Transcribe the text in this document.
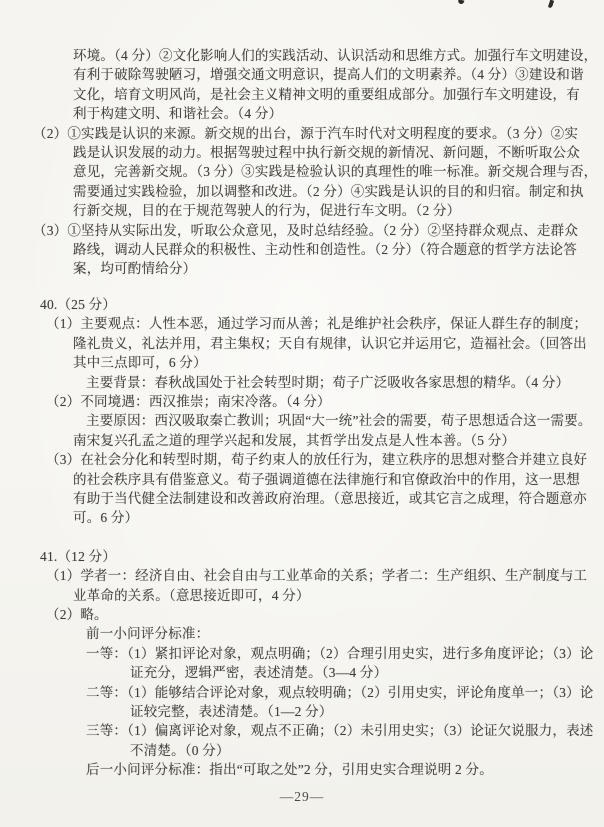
环境。（4 分）②文化影响人们的实践活动、认识活动和思维方式。加强行车文明建设，
有利于破除驾驶陋习，增强交通文明意识，提高人们的文明素养。（4 分）③建设和谐
文化，培育文明风尚，是社会主义精神文明的重要组成部分。加强行车文明建设，有
利于构建文明、和谐社会。（4 分）
（2）①实践是认识的来源。新交规的出台，源于汽车时代对文明程度的要求。（3 分）②实
践是认识发展的动力。根据驾驶过程中执行新交规的新情况、新问题，不断听取公众
意见，完善新交规。（3 分）③实践是检验认识的真理性的唯一标准。新交规合理与否，
需要通过实践检验，加以调整和改进。（2 分）④实践是认识的目的和归宿。制定和执
行新交规，目的在于规范驾驶人的行为，促进行车文明。（2 分）
（3）①坚持从实际出发，听取公众意见，及时总结经验。（2 分）②坚持群众观点、走群众
路线，调动人民群众的积极性、主动性和创造性。（2 分）（符合题意的哲学方法论答
案，均可酌情给分）
40.（25 分）
（1）主要观点：人性本恶，通过学习而从善；礼是维护社会秩序，保证人群生存的制度；
隆礼贵义，礼法并用，君主集权；天自有规律，认识它并运用它，造福社会。（回答出
其中三点即可，6 分）
主要背景：春秋战国处于社会转型时期；荀子广泛吸收各家思想的精华。（4 分）
（2）不同境遇：西汉推崇；南宋冷落。（4 分）
主要原因：西汉吸取秦亡教训；巩固“大一统”社会的需要，荀子思想适合这一需要。
南宋复兴孔孟之道的理学兴起和发展，其哲学出发点是人性本善。（5 分）
（3）在社会分化和转型时期，荀子约束人的放任行为，建立秩序的思想对整合并建立良好
的社会秩序具有借鉴意义。荀子强调道德在法律施行和官僚政治中的作用，这一思想
有助于当代健全法制建设和改善政府治理。（意思接近，或其它言之成理，符合题意亦
可。6 分）
41.（12 分）
（1）学者一：经济自由、社会自由与工业革命的关系；学者二：生产组织、生产制度与工
业革命的关系。（意思接近即可，4 分）
（2）略。
前一小问评分标准：
一等：（1）紧扣评论对象，观点明确；（2）合理引用史实，进行多角度评论；（3）论
证充分，逻辑严密，表述清楚。（3—4 分）
二等：（1）能够结合评论对象，观点较明确；（2）引用史实，评论角度单一；（3）论
证较完整，表述清楚。（1—2 分）
三等：（1）偏离评论对象，观点不正确；（2）未引用史实；（3）论证欠说服力，表述
不清楚。（0 分）
后一小问评分标准：指出“可取之处”2 分，引用史实合理说明 2 分。
—29—
